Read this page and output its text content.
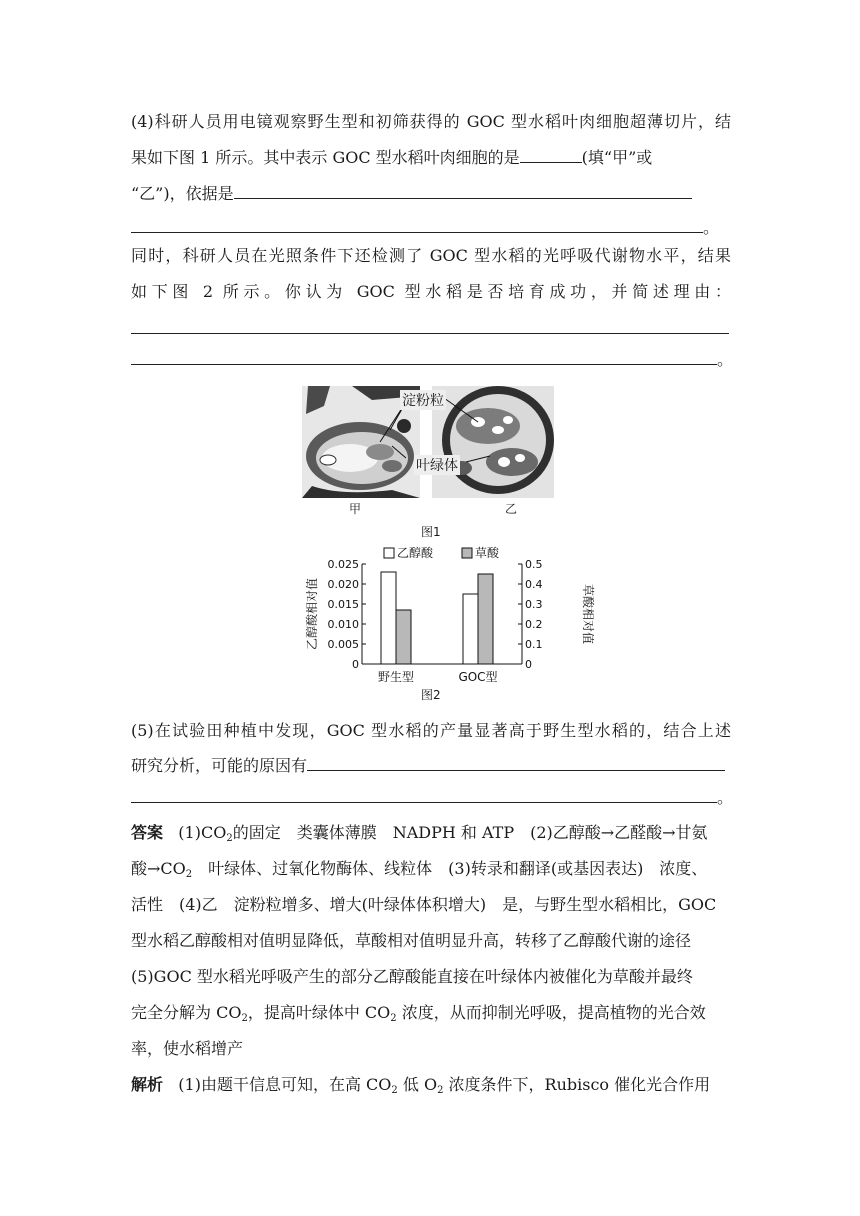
(4)科研人员用电镜观察野生型和初筛获得的 GOC 型水稻叶肉细胞超薄切片，结
果如下图 1 所示。其中表示 GOC 型水稻叶肉细胞的是	(填“甲”或
“乙”)，依据是
。
同时，科研人员在光照条件下还检测了 GOC 型水稻的光呼吸代谢物水平，结果
如下图 2 所示。你认为 GOC 型水稻是否培育成功，并简述理由：
。
淀粉粒
叶绿体
甲	乙
图1
0
0.005
0.010
0.015
0.020
0.025
0
0.1
0.2
0.3
0.4
0.5
乙醇酸相对值	草酸相对值
野生型	GOC型
乙醇酸	草酸
图2
(5)在试验田种植中发现，GOC 型水稻的产量显著高于野生型水稻的，结合上述
研究分析，可能的原因有
。
答案 $(1)CO_2$的固定　类囊体薄膜　NADPH 和 ATP　(2)乙醇酸→乙醛酸→甘氨
酸$\to CO_2$　叶绿体、过氧化物酶体、线粒体　(3)转录和翻译(或基因表达)　浓度、
活性　(4)乙　淀粉粒增多、增大(叶绿体体积增大)　是，与野生型水稻相比，GOC
型水稻乙醇酸相对值明显降低，草酸相对值明显升高，转移了乙醇酸代谢的途径
(5)GOC 型水稻光呼吸产生的部分乙醇酸能直接在叶绿体内被催化为草酸并最终
完全分解为 $CO_2$，提高叶绿体中 $CO_2$ 浓度，从而抑制光呼吸，提高植物的光合效
率，使水稻增产
解析 (1)由题干信息可知，在高 $CO_2$ 低 $O_2$ 浓度条件下，Rubisco 催化光合作用
